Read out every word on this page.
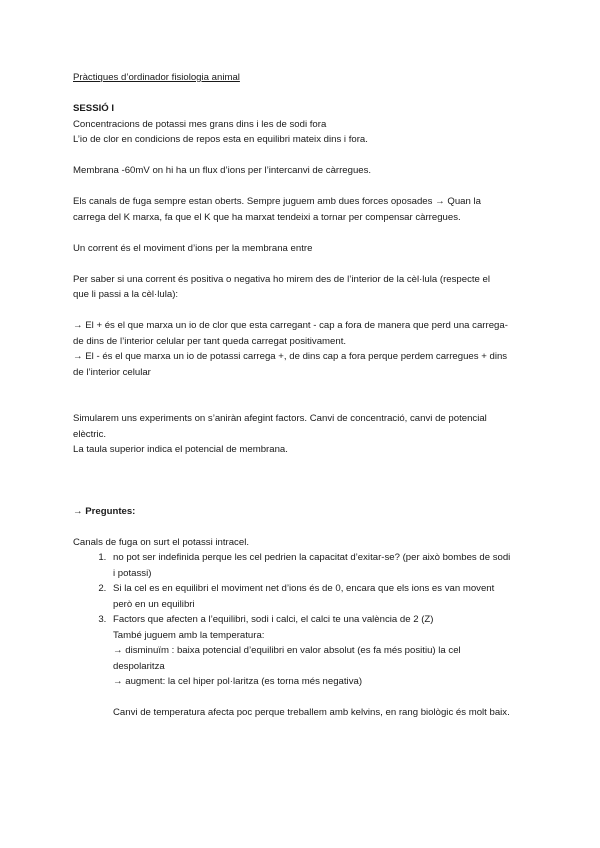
Pràctiques d’ordinador fisiologia animal

SESSIÓ I

Concentracions de potassi mes grans dins i les de sodi fora

L’io de clor en condicions de repos esta en equilibri mateix dins i fora.

Membrana -60mV on hi ha un flux d’ions per l’intercanvi de càrregues.

Els canals de fuga sempre estan oberts. Sempre juguem amb dues forces oposades → Quan la

carrega del K marxa, fa que el K que ha marxat tendeixi a tornar per compensar càrregues.

Un corrent és el moviment d’ions per la membrana entre

Per saber si una corrent és positiva o negativa ho mirem des de l’interior de la cèl·lula (respecte el

que li passi a la cèl·lula):

→ El + és el que marxa un io de clor que esta carregant - cap a fora de manera que perd una carrega-

de dins de l’interior celular per tant queda carregat positivament.

→ El - és el que marxa un io de potassi carrega +, de dins cap a fora perque perdem carregues + dins

de l’interior celular

Simularem uns experiments on s’aniràn afegint factors. Canvi de concentració, canvi de potencial

elèctric.

La taula superior indica el potencial de membrana.

→ Preguntes:

Canals de fuga on surt el potassi intracel.

1. no pot ser indefinida perque les cel pedrien la capacitat d’exitar-se? (per això bombes de sodi
i potassi)
2. Si la cel es en equilibri el moviment net d’ions és de 0, encara que els ions es van movent
però en un equilibri
3. Factors que afecten a l’equilibri, sodi i calci, el calci te una valència de 2 (Z)
També juguem amb la temperatura:
→ disminuïm : baixa potencial d’equilibri en valor absolut (es fa més positiu) la cel
despolaritza
→ augment: la cel hiper pol·laritza (es torna més negativa)
Canvi de temperatura afecta poc perque treballem amb kelvins, en rang biològic és molt baix.
